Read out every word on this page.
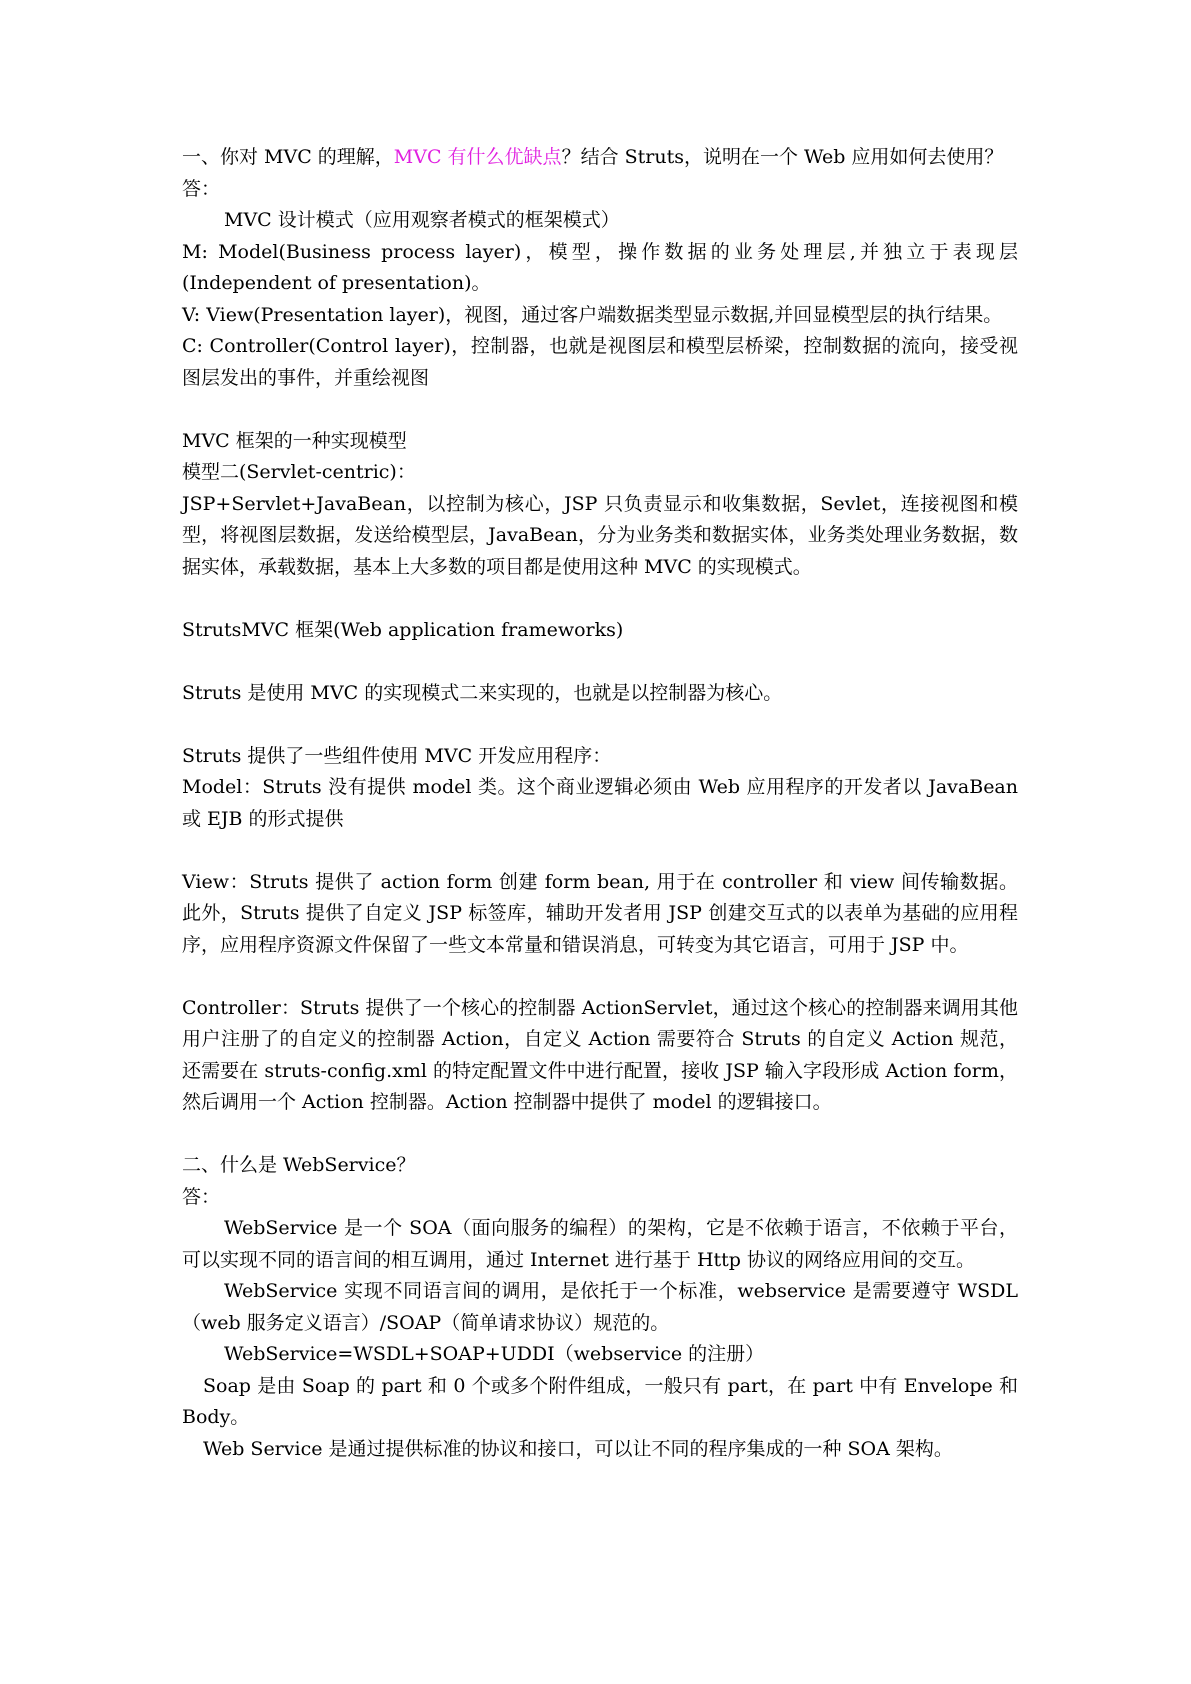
一、你对 MVC 的理解，MVC 有什么优缺点？结合 Struts，说明在一个 Web 应用如何去使用？

答：

MVC 设计模式（应用观察者模式的框架模式）

M: Model(Business process layer)，模型，操作数据的业务处理层,并独立于表现层(Independent of presentation)。

V: View(Presentation layer)，视图，通过客户端数据类型显示数据,并回显模型层的执行结果。

C: Controller(Control layer)，控制器，也就是视图层和模型层桥梁，控制数据的流向，接受视图层发出的事件，并重绘视图

MVC 框架的一种实现模型

模型二(Servlet-centric)：

JSP+Servlet+JavaBean，以控制为核心，JSP 只负责显示和收集数据，Sevlet，连接视图和模型，将视图层数据，发送给模型层，JavaBean，分为业务类和数据实体，业务类处理业务数据，数据实体，承载数据，基本上大多数的项目都是使用这种 MVC 的实现模式。

StrutsMVC 框架(Web application frameworks)

Struts 是使用 MVC 的实现模式二来实现的，也就是以控制器为核心。

Struts 提供了一些组件使用 MVC 开发应用程序：

Model：Struts 没有提供 model 类。这个商业逻辑必须由 Web 应用程序的开发者以 JavaBean 或 EJB 的形式提供

View：Struts 提供了 action form 创建 form bean, 用于在 controller 和 view 间传输数据。此外，Struts 提供了自定义 JSP 标签库，辅助开发者用 JSP 创建交互式的以表单为基础的应用程序，应用程序资源文件保留了一些文本常量和错误消息，可转变为其它语言，可用于 JSP 中。

Controller：Struts 提供了一个核心的控制器 ActionServlet，通过这个核心的控制器来调用其他用户注册了的自定义的控制器 Action，自定义 Action 需要符合 Struts 的自定义 Action 规范，还需要在 struts-config.xml 的特定配置文件中进行配置，接收 JSP 输入字段形成 Action form，然后调用一个 Action 控制器。Action 控制器中提供了 model 的逻辑接口。

二、什么是 WebService？

答：

WebService 是一个 SOA（面向服务的编程）的架构，它是不依赖于语言，不依赖于平台，可以实现不同的语言间的相互调用，通过 Internet 进行基于 Http 协议的网络应用间的交互。

WebService 实现不同语言间的调用，是依托于一个标准，webservice 是需要遵守 WSDL（web 服务定义语言）/SOAP（简单请求协议）规范的。

WebService=WSDL+SOAP+UDDI（webservice 的注册）

Soap 是由 Soap 的 part 和 0 个或多个附件组成，一般只有 part，在 part 中有 Envelope 和 Body。

Web Service 是通过提供标准的协议和接口，可以让不同的程序集成的一种 SOA 架构。
